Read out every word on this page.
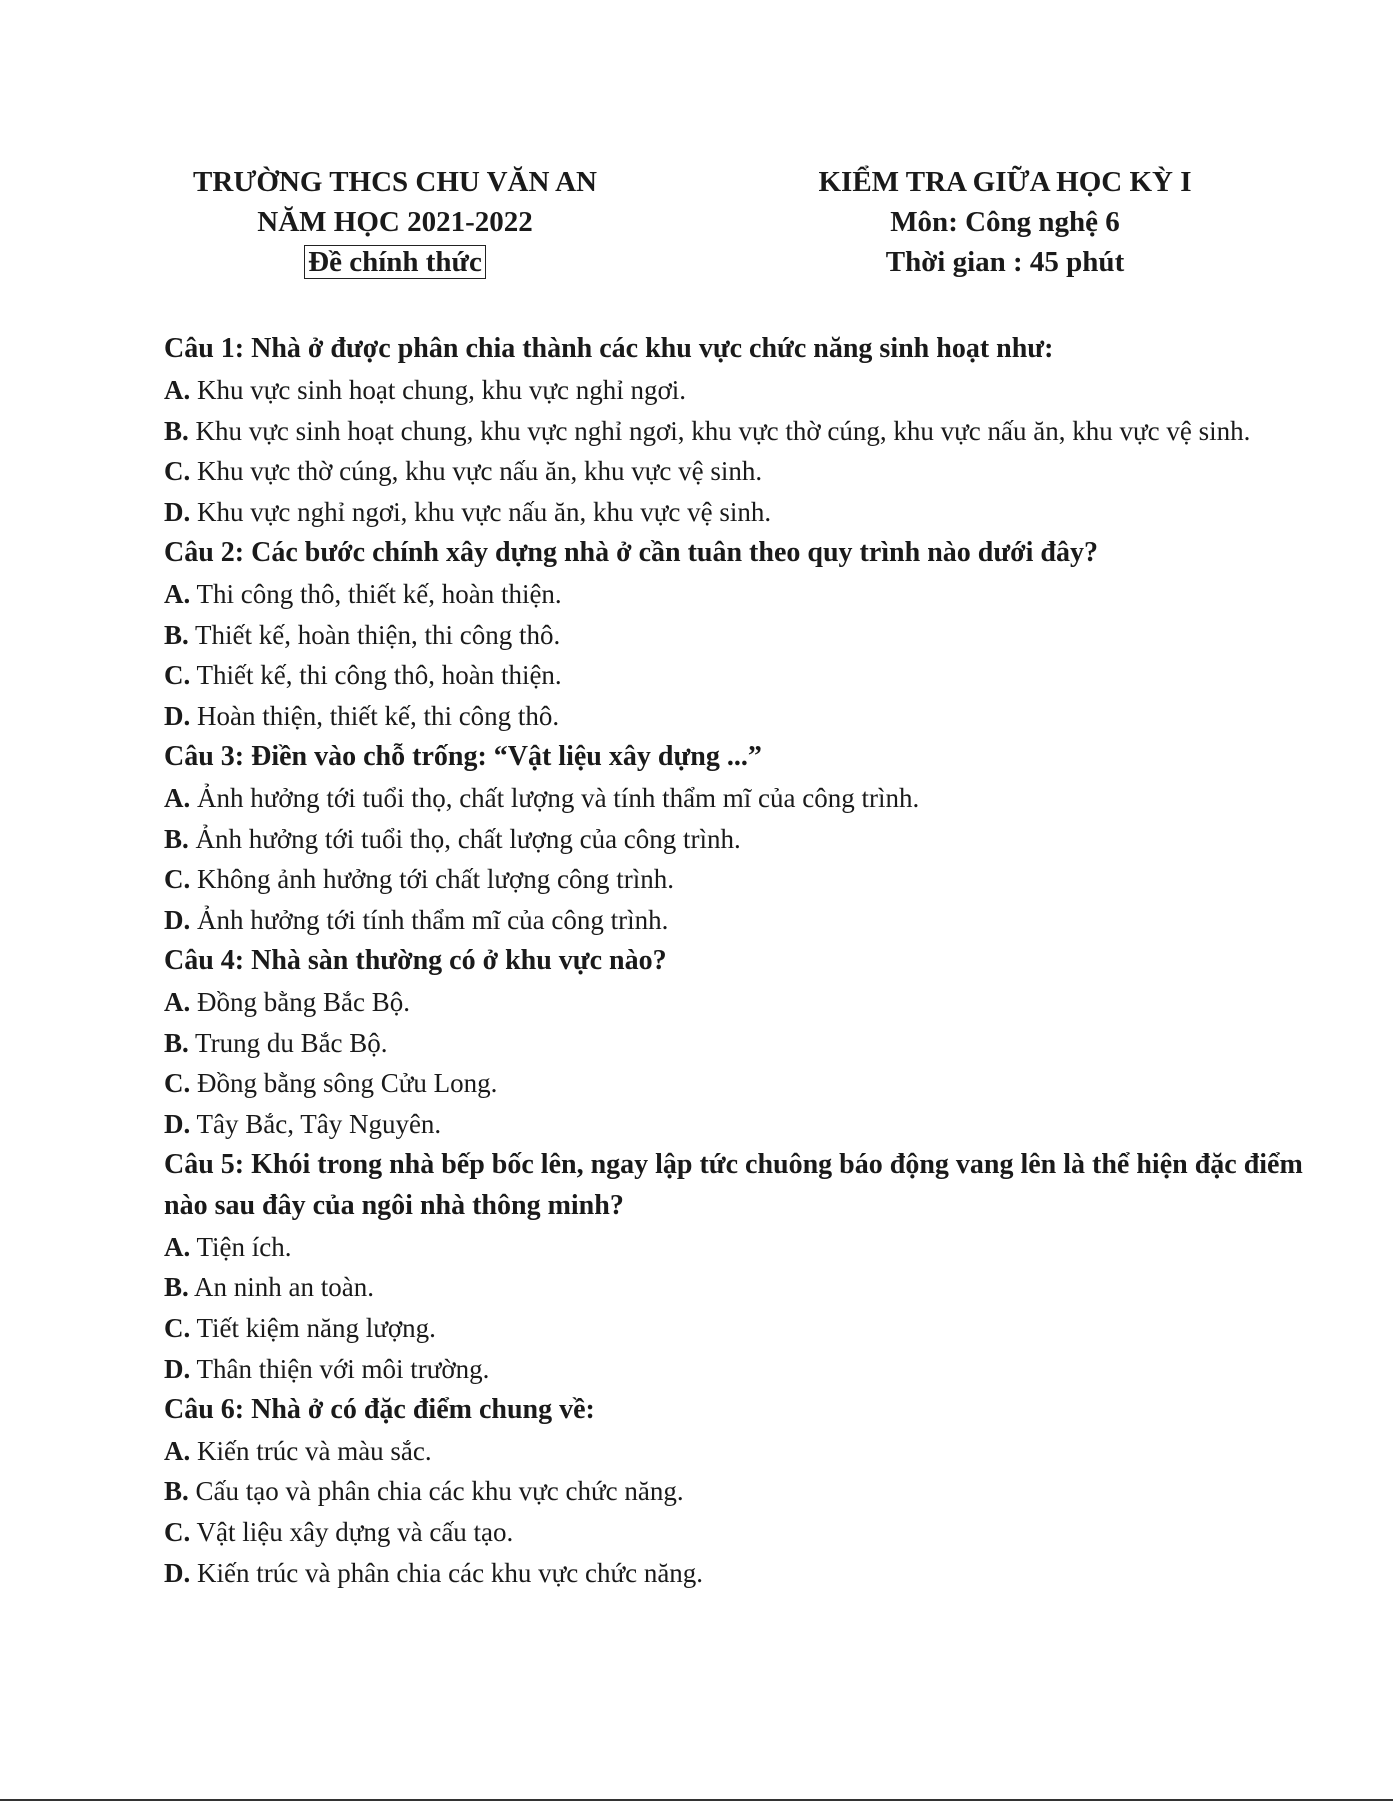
TRƯỜNG THCS CHU VĂN AN
NĂM HỌC 2021-2022
Đề chính thức
KIỂM TRA GIỮA HỌC KỲ I
Môn: Công nghệ 6
Thời gian : 45 phút
Câu 1: Nhà ở được phân chia thành các khu vực chức năng sinh hoạt như:
A. Khu vực sinh hoạt chung, khu vực nghỉ ngơi.
B. Khu vực sinh hoạt chung, khu vực nghỉ ngơi, khu vực thờ cúng, khu vực nấu ăn, khu vực vệ sinh.
C. Khu vực thờ cúng, khu vực nấu ăn, khu vực vệ sinh.
D. Khu vực nghỉ ngơi, khu vực nấu ăn, khu vực vệ sinh.
Câu 2: Các bước chính xây dựng nhà ở cần tuân theo quy trình nào dưới đây?
A. Thi công thô, thiết kế, hoàn thiện.
B. Thiết kế, hoàn thiện, thi công thô.
C. Thiết kế, thi công thô, hoàn thiện.
D. Hoàn thiện, thiết kế, thi công thô.
Câu 3: Điền vào chỗ trống: “Vật liệu xây dựng ...”
A. Ảnh hưởng tới tuổi thọ, chất lượng và tính thẩm mĩ của công trình.
B. Ảnh hưởng tới tuổi thọ, chất lượng của công trình.
C. Không ảnh hưởng tới chất lượng công trình.
D. Ảnh hưởng tới tính thẩm mĩ của công trình.
Câu 4: Nhà sàn thường có ở khu vực nào?
A. Đồng bằng Bắc Bộ.
B. Trung du Bắc Bộ.
C. Đồng bằng sông Cửu Long.
D. Tây Bắc, Tây Nguyên.
Câu 5: Khói trong nhà bếp bốc lên, ngay lập tức chuông báo động vang lên là thể hiện đặc điểm nào sau đây của ngôi nhà thông minh?
A. Tiện ích.
B. An ninh an toàn.
C. Tiết kiệm năng lượng.
D. Thân thiện với môi trường.
Câu 6: Nhà ở có đặc điểm chung về:
A. Kiến trúc và màu sắc.
B. Cấu tạo và phân chia các khu vực chức năng.
C. Vật liệu xây dựng và cấu tạo.
D. Kiến trúc và phân chia các khu vực chức năng.
